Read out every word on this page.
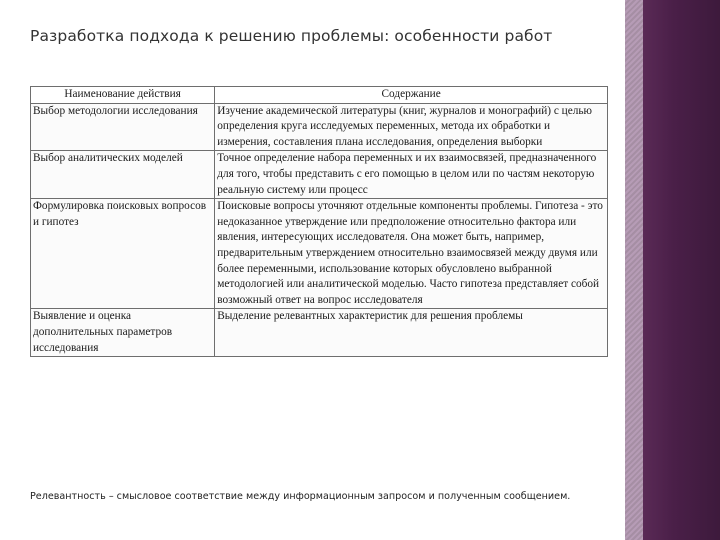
Разработка подхода к решению проблемы: особенности работ
Наименование действия	Содержание
Выбор методологии исследования	Изучение академической литературы (книг, журналов и монографий) с целью определения круга исследуемых переменных, метода их обработки и измерения, составления плана исследования, определения выборки
Выбор аналитических моделей	Точное определение набора переменных и их взаимосвязей, предназначенного для того, чтобы представить с его помощью в целом или по частям некоторую реальную систему или процесс
Формулировка поисковых вопросов и гипотез	Поисковые вопросы уточняют отдельные компоненты проблемы. Гипотеза - это недоказанное утверждение или предположение относительно фактора или явления, интересующих исследователя. Она может быть, например, предварительным утверждением относительно взаимосвязей между двумя или более переменными, использование которых обусловлено выбранной методологией или аналитической моделью. Часто гипотеза представляет собой возможный ответ на вопрос исследователя
Выявление и оценка дополнительных параметров исследования	Выделение релевантных характеристик для решения проблемы
Релевантность – смысловое соответствие между информационным запросом и полученным сообщением.
